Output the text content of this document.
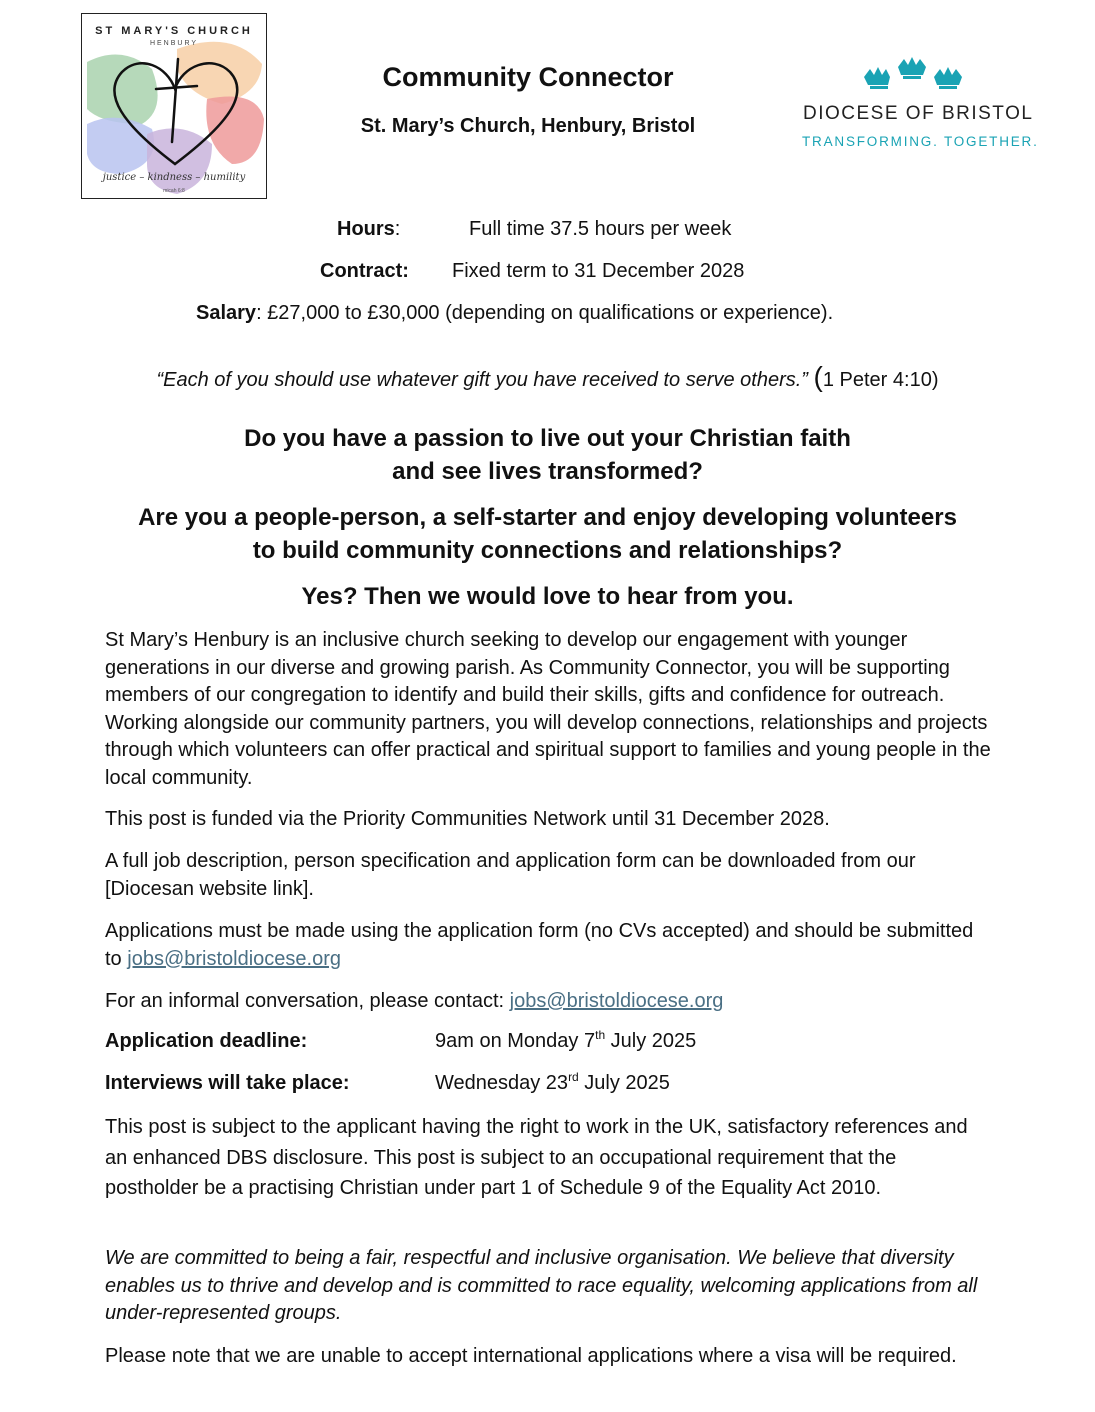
ST MARY'S CHURCH
HENBURY
justice – kindness – humility
micah 6:8
Community Connector
St. Mary’s Church, Henbury, Bristol
DIOCESE OF BRISTOL
TRANSFORMING. TOGETHER.
Hours:	Full time 37.5 hours per week
Contract: Fixed term to 31 December 2028
Salary: £27,000 to £30,000 (depending on qualifications or experience).
“Each of you should use whatever gift you have received to serve others.” (1 Peter 4:10)
Do you have a passion to live out your Christian faith
and see lives transformed?
Are you a people-person, a self-starter and enjoy developing volunteers
to build community connections and relationships?
Yes? Then we would love to hear from you.
St Mary’s Henbury is an inclusive church seeking to develop our engagement with younger generations in our diverse and growing parish. As Community Connector, you will be supporting members of our congregation to identify and build their skills, gifts and confidence for outreach. Working alongside our community partners, you will develop connections, relationships and projects through which volunteers can offer practical and spiritual support to families and young people in the local community.
This post is funded via the Priority Communities Network until 31 December 2028.
A full job description, person specification and application form can be downloaded from our [Diocesan website link].
Applications must be made using the application form (no CVs accepted) and should be submitted to jobs@bristoldiocese.org
For an informal conversation, please contact: jobs@bristoldiocese.org
Application deadline:	9am on Monday 7th July 2025
Interviews will take place:	Wednesday 23rd July 2025
This post is subject to the applicant having the right to work in the UK, satisfactory references and an enhanced DBS disclosure. This post is subject to an occupational requirement that the postholder be a practising Christian under part 1 of Schedule 9 of the Equality Act 2010.
We are committed to being a fair, respectful and inclusive organisation. We believe that diversity enables us to thrive and develop and is committed to race equality, welcoming applications from all under-represented groups.
Please note that we are unable to accept international applications where a visa will be required.
